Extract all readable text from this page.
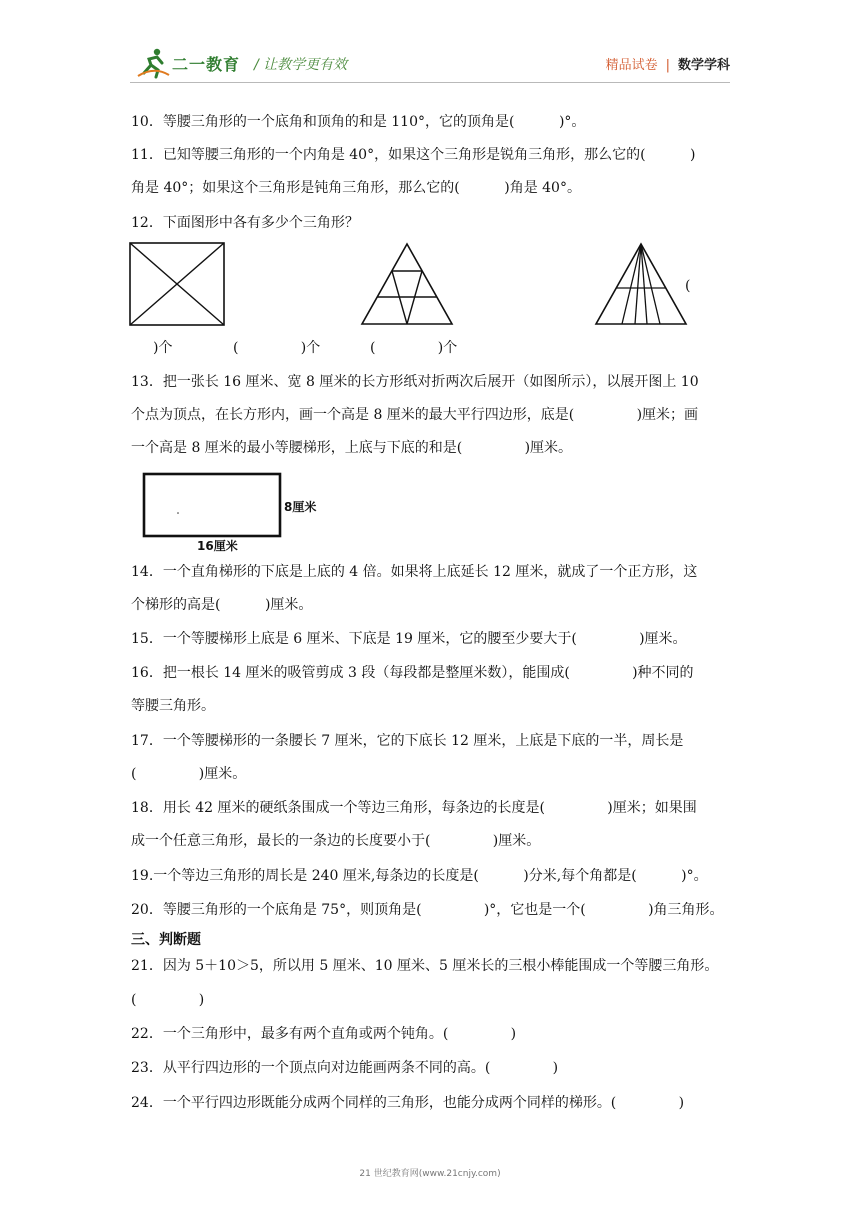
二一教育 / 让教学更有效	精品试卷 | 数学学科
10．等腰三角形的一个底角和顶角的和是 110°，它的顶角是(          )°。
11．已知等腰三角形的一个内角是 40°，如果这个三角形是锐角三角形，那么它的(          )
角是 40°；如果这个三角形是钝角三角形，那么它的(          )角是 40°。
12．下面图形中各有多少个三角形？
(
)个	(              )个	(              )个
13．把一张长 16 厘米、宽 8 厘米的长方形纸对折两次后展开（如图所示），以展开图上 10
个点为顶点，在长方形内，画一个高是 8 厘米的最大平行四边形，底是(              )厘米；画
一个高是 8 厘米的最小等腰梯形，上底与下底的和是(              )厘米。
8厘米
16厘米
14．一个直角梯形的下底是上底的 4 倍。如果将上底延长 12 厘米，就成了一个正方形，这
个梯形的高是(          )厘米。
15．一个等腰梯形上底是 6 厘米、下底是 19 厘米，它的腰至少要大于(              )厘米。
16．把一根长 14 厘米的吸管剪成 3 段（每段都是整厘米数），能围成(              )种不同的
等腰三角形。
17．一个等腰梯形的一条腰长 7 厘米，它的下底长 12 厘米，上底是下底的一半，周长是
(              )厘米。
18．用长 42 厘米的硬纸条围成一个等边三角形，每条边的长度是(              )厘米；如果围
成一个任意三角形，最长的一条边的长度要小于(              )厘米。
19.一个等边三角形的周长是 240 厘米,每条边的长度是(          )分米,每个角都是(          )°。
20．等腰三角形的一个底角是 75°，则顶角是(              )°，它也是一个(              )角三角形。
三、判断题
21．因为 5＋10＞5，所以用 5 厘米、10 厘米、5 厘米长的三根小棒能围成一个等腰三角形。
(              )
22．一个三角形中，最多有两个直角或两个钝角。(              )
23．从平行四边形的一个顶点向对边能画两条不同的高。(              )
24．一个平行四边形既能分成两个同样的三角形，也能分成两个同样的梯形。(              )
21 世纪教育网(www.21cnjy.com)
